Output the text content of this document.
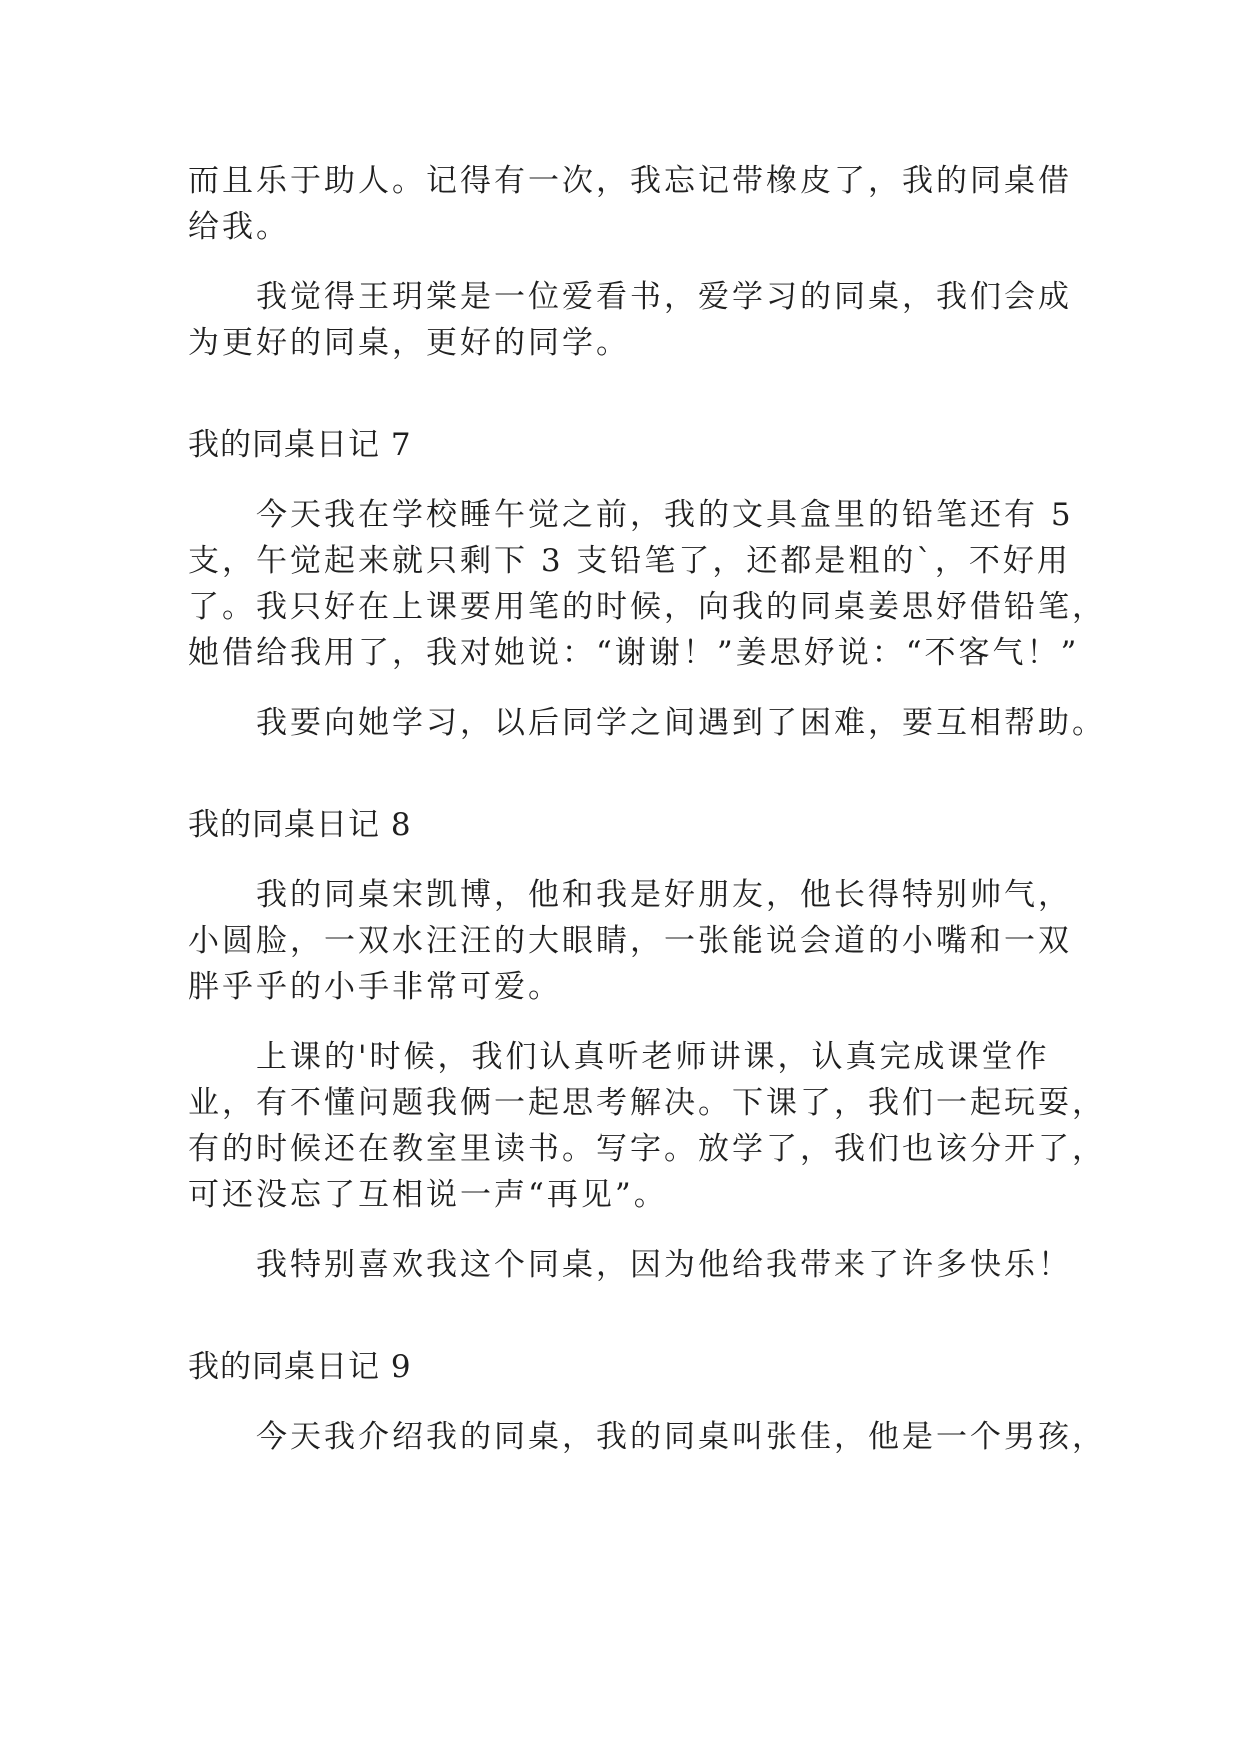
而且乐于助人。记得有一次，我忘记带橡皮了，我的同桌借
给我。
我觉得王玥棠是一位爱看书，爱学习的同桌，我们会成
为更好的同桌，更好的同学。
我的同桌日记 7
今天我在学校睡午觉之前，我的文具盒里的铅笔还有 5
支，午觉起来就只剩下 3 支铅笔了，还都是粗的`，不好用
了。我只好在上课要用笔的时候，向我的同桌姜思妤借铅笔，
她借给我用了，我对她说：“谢谢！”姜思妤说：“不客气！”
我要向她学习，以后同学之间遇到了困难，要互相帮助。
我的同桌日记 8
我的同桌宋凯博，他和我是好朋友，他长得特别帅气，
小圆脸，一双水汪汪的大眼睛，一张能说会道的小嘴和一双
胖乎乎的小手非常可爱。
上课的'时候，我们认真听老师讲课，认真完成课堂作
业，有不懂问题我俩一起思考解决。下课了，我们一起玩耍，
有的时候还在教室里读书。写字。放学了，我们也该分开了，
可还没忘了互相说一声“再见”。
我特别喜欢我这个同桌，因为他给我带来了许多快乐！
我的同桌日记 9
今天我介绍我的同桌，我的同桌叫张佳，他是一个男孩，
